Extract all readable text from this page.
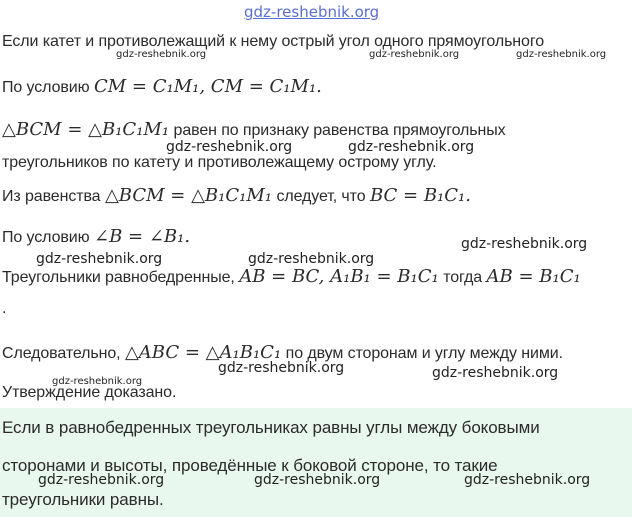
gdz-reshebnik.org
Если катет и противолежащий к нему острый угол одного прямоугольного
gdz-reshebnik.org	gdz-reshebnik.org	gdz-reshebnik.org
По условию CM = C₁M₁, CM = C₁M₁.
△BCM = △B₁C₁M₁ равен по признаку равенства прямоугольных
gdz-reshebnik.org	gdz-reshebnik.org
треугольников по катету и противолежащему острому углу.
Из равенства △BCM = △B₁C₁M₁ следует, что BC = B₁C₁.
По условию ∠B = ∠B₁.	gdz-reshebnik.org
gdz-reshebnik.org	gdz-reshebnik.org
Треугольники равнобедренные, AB = BC, A₁B₁ = B₁C₁ тогда AB = B₁C₁
.
Следовательно, △ABC = △A₁B₁C₁ по двум сторонам и углу между ними.
gdz-reshebnik.org	gdz-reshebnik.org
gdz-reshebnik.org
Утверждение доказано.
Если в равнобедренных треугольниках равны углы между боковыми
сторонами и высоты, проведённые к боковой стороне, то такие
gdz-reshebnik.org	gdz-reshebnik.org	gdz-reshebnik.org
треугольники равны.
